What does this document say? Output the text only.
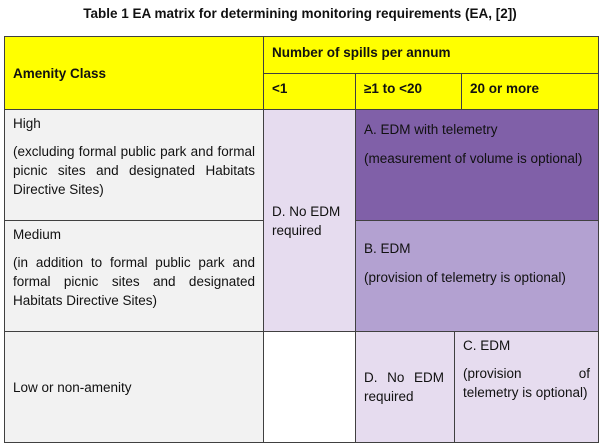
Table 1 EA matrix for determining monitoring requirements (EA, [2])
Amenity Class
Number of spills per annum
<1	≥1 to <20	20 or more

High

(excluding formal public park and formal picnic sites and designated Habitats Directive Sites)

Medium

(in addition to formal public park and formal picnic sites and designated Habitats Directive Sites)

Low or non-amenity

D. No EDM required

A. EDM with telemetry

(measurement of volume is optional)

B. EDM

(provision of telemetry is optional)

D. No EDM required

C. EDM

(provision of telemetry is optional)
